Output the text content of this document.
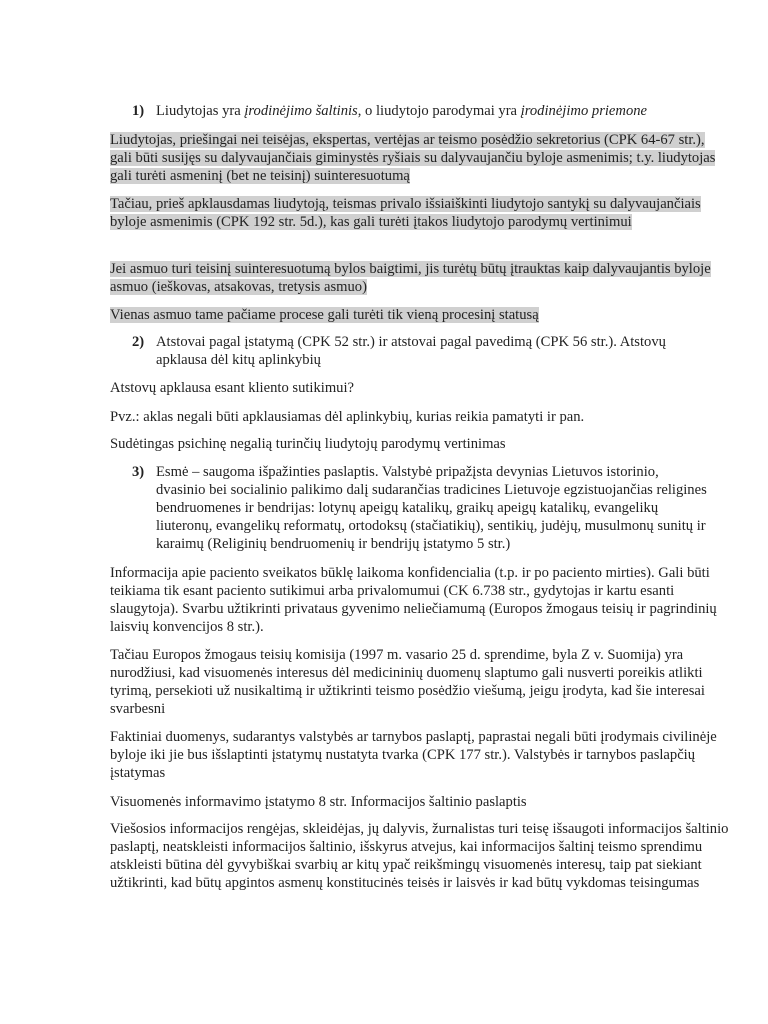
1) Liudytojas yra įrodinėjimo šaltinis, o liudytojo parodymai yra įrodinėjimo priemone

Liudytojas, priešingai nei teisėjas, ekspertas, vertėjas ar teismo posėdžio sekretorius (CPK 64-67 str.), gali būti susijęs su dalyvaujančiais giminystės ryšiais su dalyvaujančiu byloje asmenimis; t.y. liudytojas gali turėti asmeninį (bet ne teisinį) suinteresuotumą

Tačiau, prieš apklausdamas liudytoją, teismas privalo išsiaiškinti liudytojo santykį su dalyvaujančiais byloje asmenimis (CPK 192 str. 5d.), kas gali turėti įtakos liudytojo parodymų vertinimui

Jei asmuo turi teisinį suinteresuotumą bylos baigtimi, jis turėtų būtų įtrauktas kaip dalyvaujantis byloje asmuo (ieškovas, atsakovas, tretysis asmuo)

Vienas asmuo tame pačiame procese gali turėti tik vieną procesinį statusą

2) Atstovai pagal įstatymą (CPK 52 str.) ir atstovai pagal pavedimą (CPK 56 str.). Atstovų apklausa dėl kitų aplinkybių

Atstovų apklausa esant kliento sutikimui?

Pvz.: aklas negali būti apklausiamas dėl aplinkybių, kurias reikia pamatyti ir pan.

Sudėtingas psichinę negalią turinčių liudytojų parodymų vertinimas

3) Esmė – saugoma išpažinties paslaptis. Valstybė pripažįsta devynias Lietuvos istorinio, dvasinio bei socialinio palikimo dalį sudarančias tradicines Lietuvoje egzistuojančias religines bendruomenes ir bendrijas: lotynų apeigų katalikų, graikų apeigų katalikų, evangelikų liuteronų, evangelikų reformatų, ortodoksų (stačiatikių), sentikių, judėjų, musulmonų sunitų ir karaimų (Religinių bendruomenių ir bendrijų įstatymo 5 str.)

Informacija apie paciento sveikatos būklę laikoma konfidencialia (t.p. ir po paciento mirties). Gali būti teikiama tik esant paciento sutikimui arba privalomumui (CK 6.738 str., gydytojas ir kartu esanti slaugytoja). Svarbu užtikrinti privataus gyvenimo neliečiamumą (Europos žmogaus teisių ir pagrindinių laisvių konvencijos 8 str.).

Tačiau Europos žmogaus teisių komisija (1997 m. vasario 25 d. sprendime, byla Z v. Suomija) yra nurodžiusi, kad visuomenės interesus dėl medicininių duomenų slaptumo gali nusverti poreikis atlikti tyrimą, persekioti už nusikaltimą ir užtikrinti teismo posėdžio viešumą, jeigu įrodyta, kad šie interesai svarbesni

Faktiniai duomenys, sudarantys valstybės ar tarnybos paslaptį, paprastai negali būti įrodymais civilinėje byloje iki jie bus išslaptinti įstatymų nustatyta tvarka (CPK 177 str.). Valstybės ir tarnybos paslapčių įstatymas

Visuomenės informavimo įstatymo 8 str. Informacijos šaltinio paslaptis

Viešosios informacijos rengėjas, skleidėjas, jų dalyvis, žurnalistas turi teisę išsaugoti informacijos šaltinio paslaptį, neatskleisti informacijos šaltinio, išskyrus atvejus, kai informacijos šaltinį teismo sprendimu atskleisti būtina dėl gyvybiškai svarbių ar kitų ypač reikšmingų visuomenės interesų, taip pat siekiant užtikrinti, kad būtų apgintos asmenų konstitucinės teisės ir laisvės ir kad būtų vykdomas teisingumas
